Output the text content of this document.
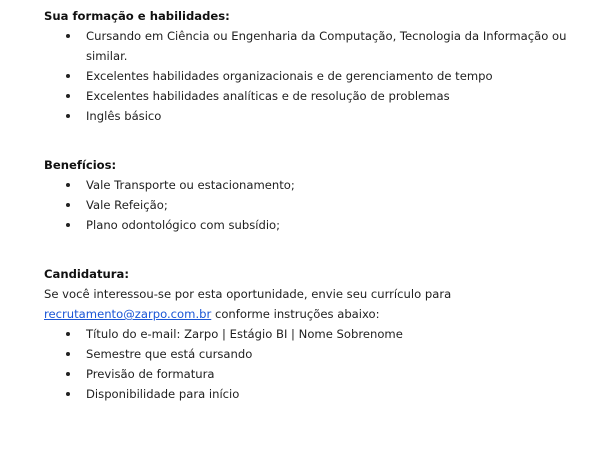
Sua formação e habilidades:

Cursando em Ciência ou Engenharia da Computação, Tecnologia da Informação ou similar.
Excelentes habilidades organizacionais e de gerenciamento de tempo
Excelentes habilidades analíticas e de resolução de problemas
Inglês básico

Benefícios:

Vale Transporte ou estacionamento;
Vale Refeição;
Plano odontológico com subsídio;

Candidatura:

Se você interessou-se por esta oportunidade, envie seu currículo para
recrutamento@zarpo.com.br conforme instruções abaixo:

Título do e-mail: Zarpo | Estágio BI | Nome Sobrenome
Semestre que está cursando
Previsão de formatura
Disponibilidade para início
